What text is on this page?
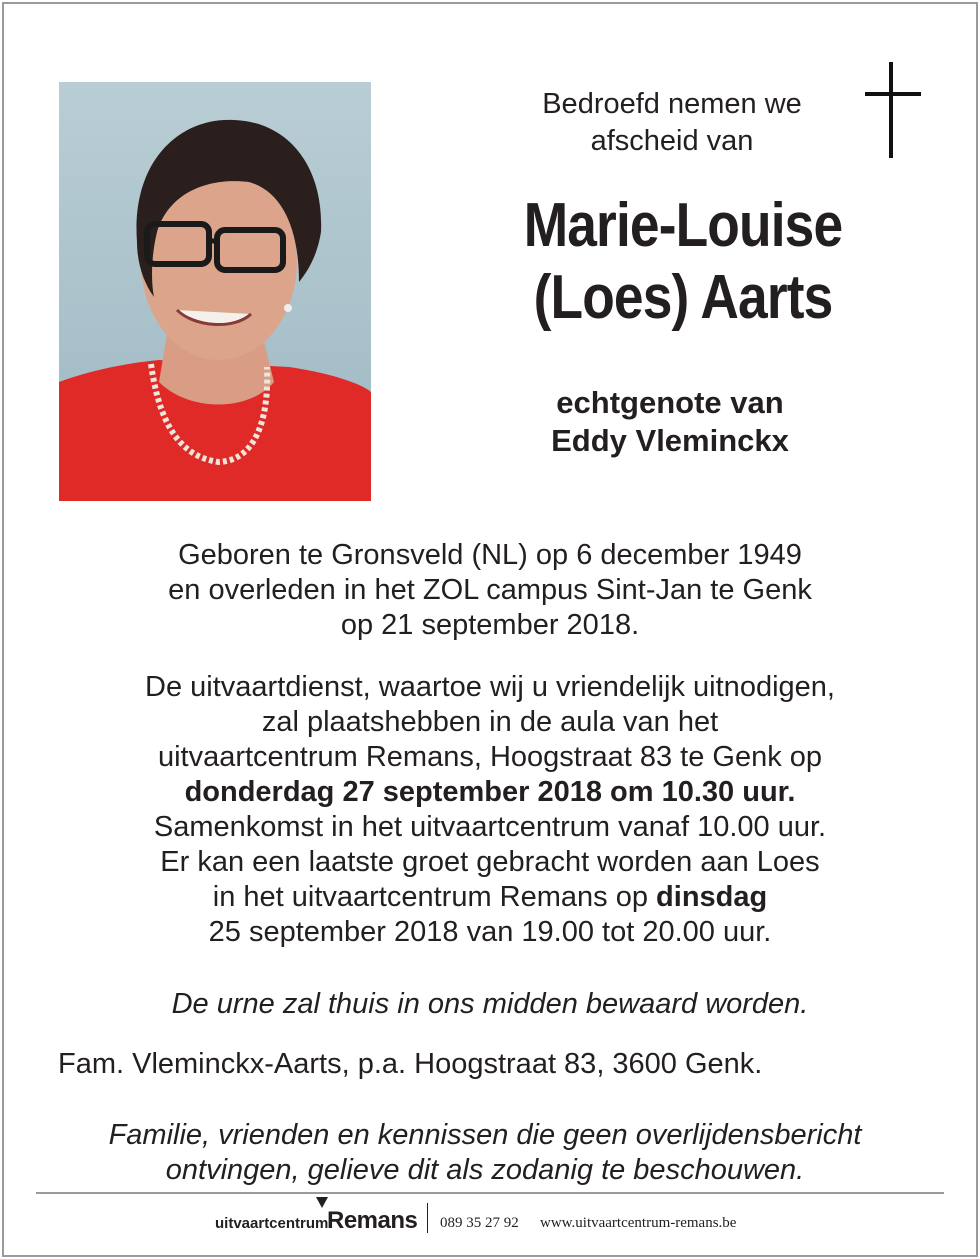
Bedroefd nemen we
afscheid van
Marie-Louise
(Loes) Aarts
echtgenote van
Eddy Vleminckx
Geboren te Gronsveld (NL) op 6 december 1949
en overleden in het ZOL campus Sint-Jan te Genk
op 21 september 2018.
De uitvaartdienst, waartoe wij u vriendelijk uitnodigen,
zal plaatshebben in de aula van het
uitvaartcentrum Remans, Hoogstraat 83 te Genk op
donderdag 27 september 2018 om 10.30 uur.
Samenkomst in het uitvaartcentrum vanaf 10.00 uur.
Er kan een laatste groet gebracht worden aan Loes
in het uitvaartcentrum Remans op dinsdag
25 september 2018 van 19.00 tot 20.00 uur.
De urne zal thuis in ons midden bewaard worden.
Fam. Vleminckx-Aarts, p.a. Hoogstraat 83, 3600 Genk.
Familie, vrienden en kennissen die geen overlijdensbericht
ontvingen, gelieve dit als zodanig te beschouwen.
uitvaartcentrum
Remans 089 35 27 92 www.uitvaartcentrum-remans.be
